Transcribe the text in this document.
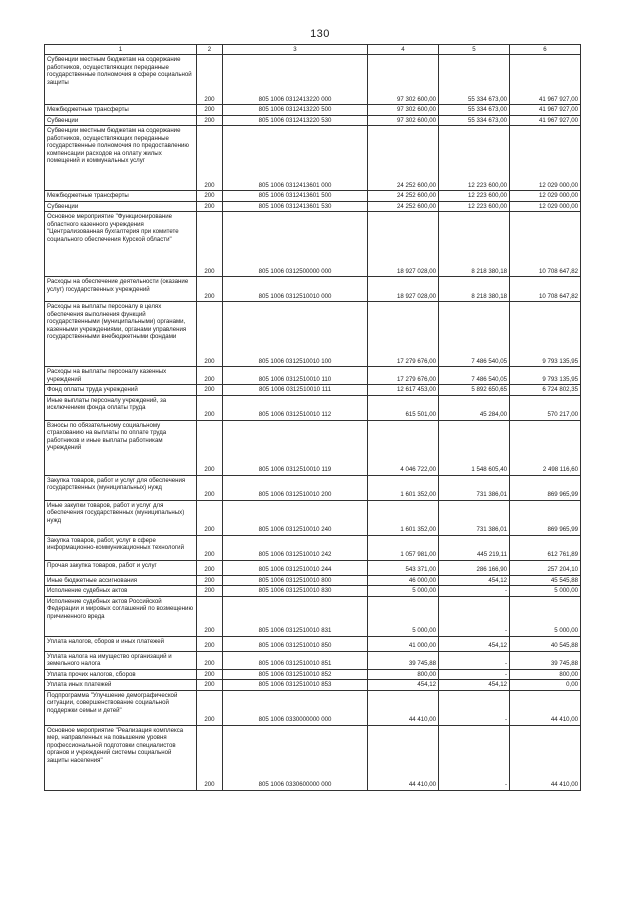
130
1	2	3	4	5	6
Субвенции местным бюджетам на содержание работников, осуществляющих переданные государственные полномочия в сфере социальной защиты	200	805 1006 0312413220 000	97 302 600,00	55 334 673,00	41 967 927,00
Межбюджетные трансферты	200	805 1006 0312413220 500	97 302 600,00	55 334 673,00	41 967 927,00
Субвенции	200	805 1006 0312413220 530	97 302 600,00	55 334 673,00	41 967 927,00
Субвенции местным бюджетам на содержание работников, осуществляющих переданные государственные полномочия по предоставлению компенсации расходов на оплату жилых помещений и коммунальных услуг	200	805 1006 0312413601 000	24 252 600,00	12 223 600,00	12 029 000,00
Межбюджетные трансферты	200	805 1006 0312413601 500	24 252 600,00	12 223 600,00	12 029 000,00
Субвенции	200	805 1006 0312413601 530	24 252 600,00	12 223 600,00	12 029 000,00
Основное мероприятие "Функционирование областного казенного учреждения "Централизованная бухгалтерия при комитете социального обеспечения Курской области"	200	805 1006 0312500000 000	18 927 028,00	8 218 380,18	10 708 647,82
Расходы на обеспечение деятельности (оказание услуг) государственных учреждений	200	805 1006 0312510010 000	18 927 028,00	8 218 380,18	10 708 647,82
Расходы на выплаты персоналу в целях обеспечения выполнения функций государственными (муниципальными) органами, казенными учреждениями, органами управления государственными внебюджетными фондами	200	805 1006 0312510010 100	17 279 676,00	7 486 540,05	9 793 135,95
Расходы на выплаты персоналу казенных учреждений	200	805 1006 0312510010 110	17 279 676,00	7 486 540,05	9 793 135,95
Фонд оплаты труда учреждений	200	805 1006 0312510010 111	12 617 453,00	5 892 650,65	6 724 802,35
Иные выплаты персоналу учреждений, за исключением фонда оплаты труда	200	805 1006 0312510010 112	615 501,00	45 284,00	570 217,00
Взносы по обязательному социальному страхованию на выплаты по оплате труда работников и иные выплаты работникам учреждений	200	805 1006 0312510010 119	4 046 722,00	1 548 605,40	2 498 116,60
Закупка товаров, работ и услуг для обеспечения государственных (муниципальных) нужд	200	805 1006 0312510010 200	1 601 352,00	731 386,01	869 965,99
Иные закупки товаров, работ и услуг для обеспечения государственных (муниципальных) нужд	200	805 1006 0312510010 240	1 601 352,00	731 386,01	869 965,99
Закупка товаров, работ, услуг в сфере информационно-коммуникационных технологий	200	805 1006 0312510010 242	1 057 981,00	445 219,11	612 761,89
Прочая закупка товаров, работ и услуг	200	805 1006 0312510010 244	543 371,00	286 166,90	257 204,10
Иные бюджетные ассигнования	200	805 1006 0312510010 800	46 000,00	454,12	45 545,88
Исполнение судебных актов	200	805 1006 0312510010 830	5 000,00	-	5 000,00
Исполнение судебных актов Российской Федерации и мировых соглашений по возмещению причиненного вреда	200	805 1006 0312510010 831	5 000,00	-	5 000,00
Уплата налогов, сборов и иных платежей	200	805 1006 0312510010 850	41 000,00	454,12	40 545,88
Уплата налога на имущество организаций и земельного налога	200	805 1006 0312510010 851	39 745,88	-	39 745,88
Уплата прочих налогов, сборов	200	805 1006 0312510010 852	800,00	-	800,00
Уплата иных платежей	200	805 1006 0312510010 853	454,12	454,12	0,00
Подпрограмма "Улучшение демографической ситуации, совершенствование социальной поддержки семьи и детей"	200	805 1006 0330000000 000	44 410,00	-	44 410,00
Основное мероприятие "Реализация комплекса мер, направленных на повышение уровня профессиональной подготовки специалистов органов и учреждений системы социальной защиты населения"	200	805 1006 0330600000 000	44 410,00	-	44 410,00
